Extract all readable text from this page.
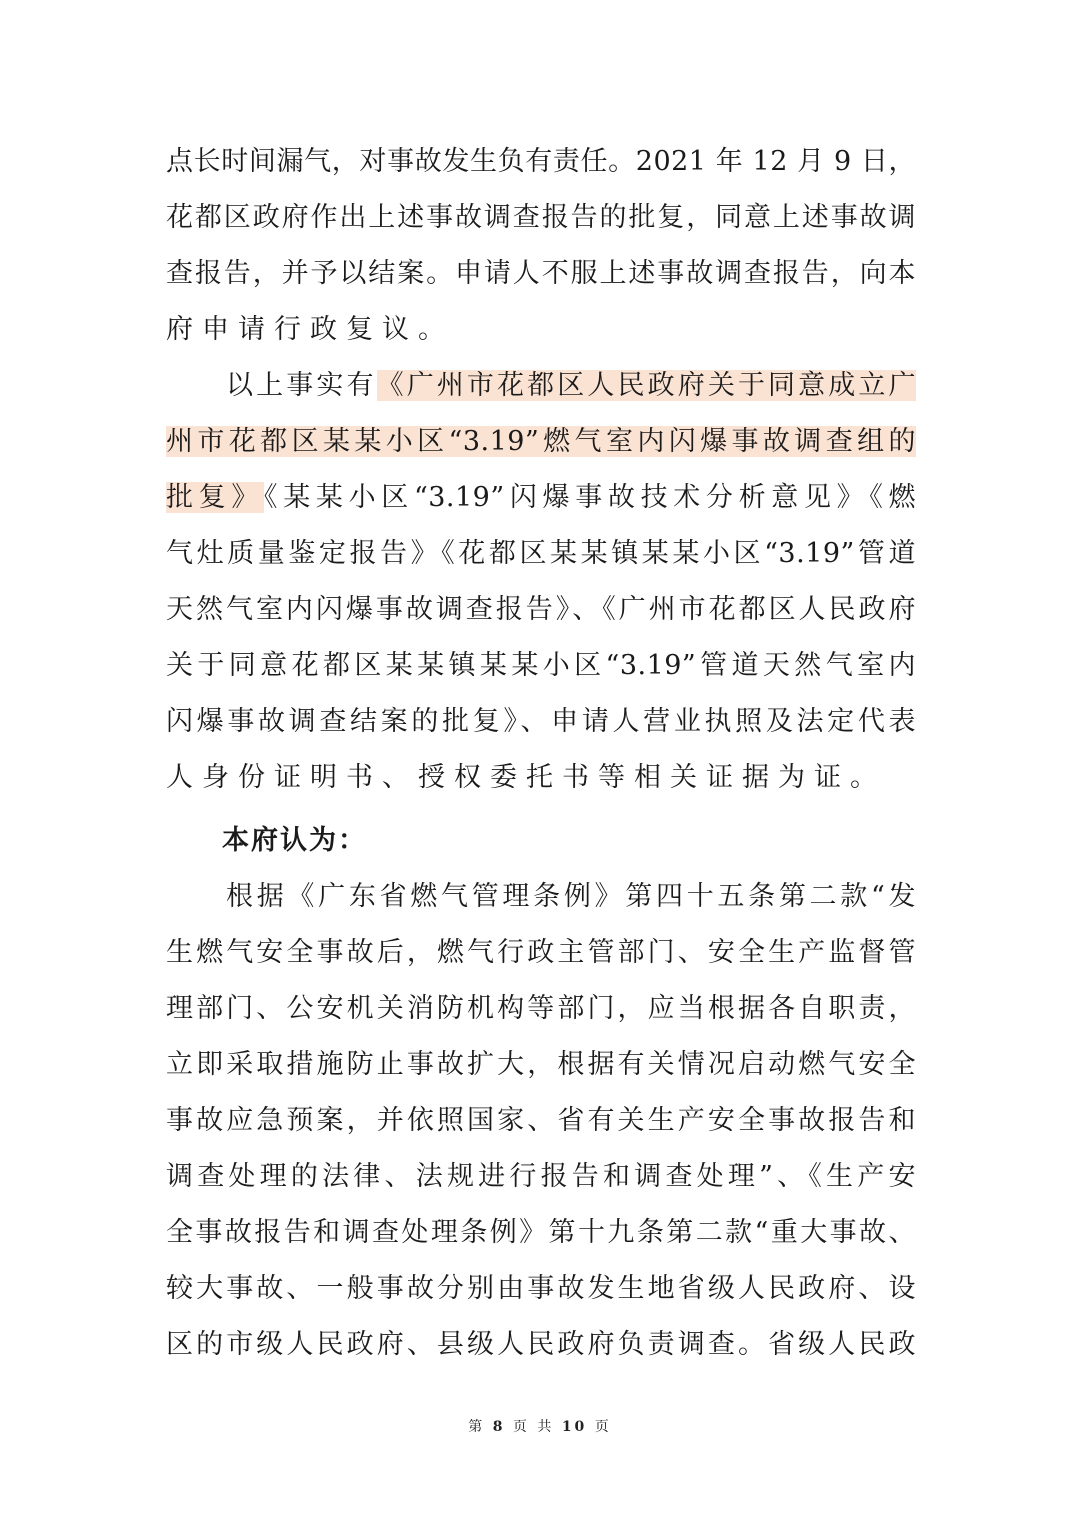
点长时间漏气，对事故发生负有责任。2021 年 12 月 9 日，
花都区政府作出上述事故调查报告的批复，同意上述事故调
查报告，并予以结案。申请人不服上述事故调查报告，向本
府申请行政复议。
以上事实有《广州市花都区人民政府关于同意成立广
州市花都区某某小区“3.19”燃气室内闪爆事故调查组的
批复》《某某小区“3.19”闪爆事故技术分析意见》《燃
气灶质量鉴定报告》《花都区某某镇某某小区“3.19”管道
天然气室内闪爆事故调查报告》、《广州市花都区人民政府
关于同意花都区某某镇某某小区“3.19”管道天然气室内
闪爆事故调查结案的批复》、申请人营业执照及法定代表
人身份证明书、授权委托书等相关证据为证。
本府认为：
根据《广东省燃气管理条例》第四十五条第二款“发
生燃气安全事故后，燃气行政主管部门、安全生产监督管
理部门、公安机关消防机构等部门，应当根据各自职责，
立即采取措施防止事故扩大，根据有关情况启动燃气安全
事故应急预案，并依照国家、省有关生产安全事故报告和
调查处理的法律、法规进行报告和调查处理”、《生产安
全事故报告和调查处理条例》第十九条第二款“重大事故、
较大事故、一般事故分别由事故发生地省级人民政府、设
区的市级人民政府、县级人民政府负责调查。省级人民政
第 8 页 共 10 页
